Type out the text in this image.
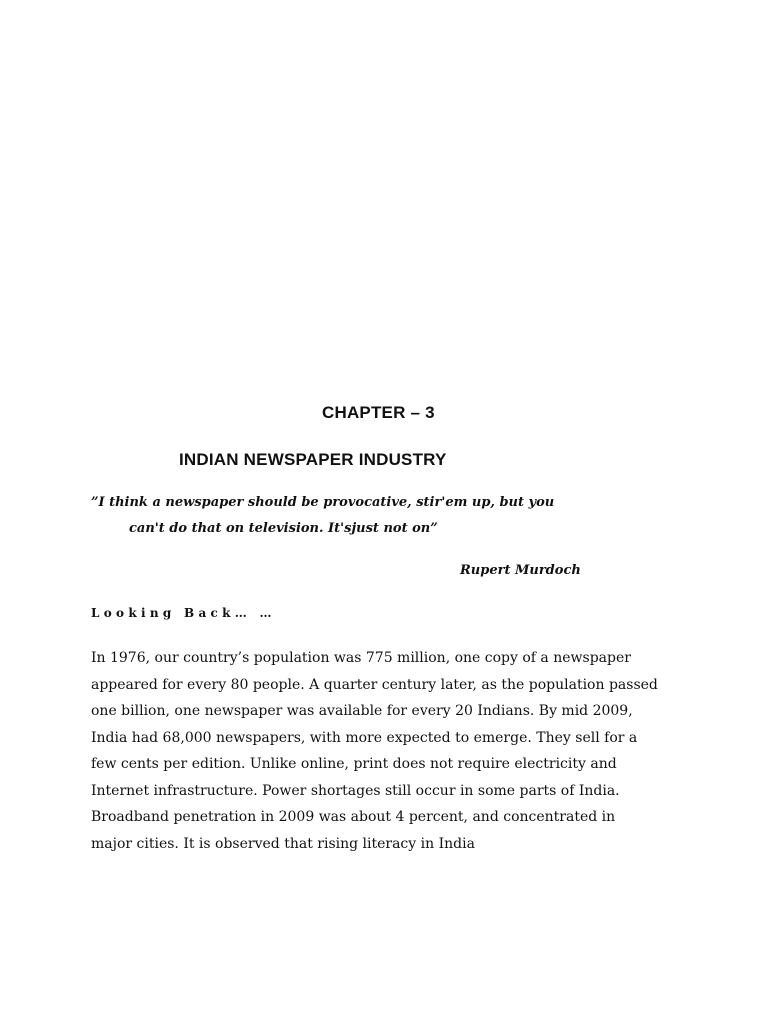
CHAPTER – 3
INDIAN NEWSPAPER INDUSTRY
”I think a newspaper should be provocative, stir'em up, but you
can't do that on television. It'sjust not on”
Rupert Murdoch
Looking Back… …
In 1976, our country’s population was 775 million, one copy of a newspaper
appeared for every 80 people. A quarter century later, as the population passed
one billion, one newspaper was available for every 20 Indians. By mid 2009,
India had 68,000 newspapers, with more expected to emerge. They sell for a
few cents per edition. Unlike online, print does not require electricity and
Internet infrastructure. Power shortages still occur in some parts of India.
Broadband penetration in 2009 was about 4 percent, and concentrated in
major cities. It is observed that rising literacy in India
